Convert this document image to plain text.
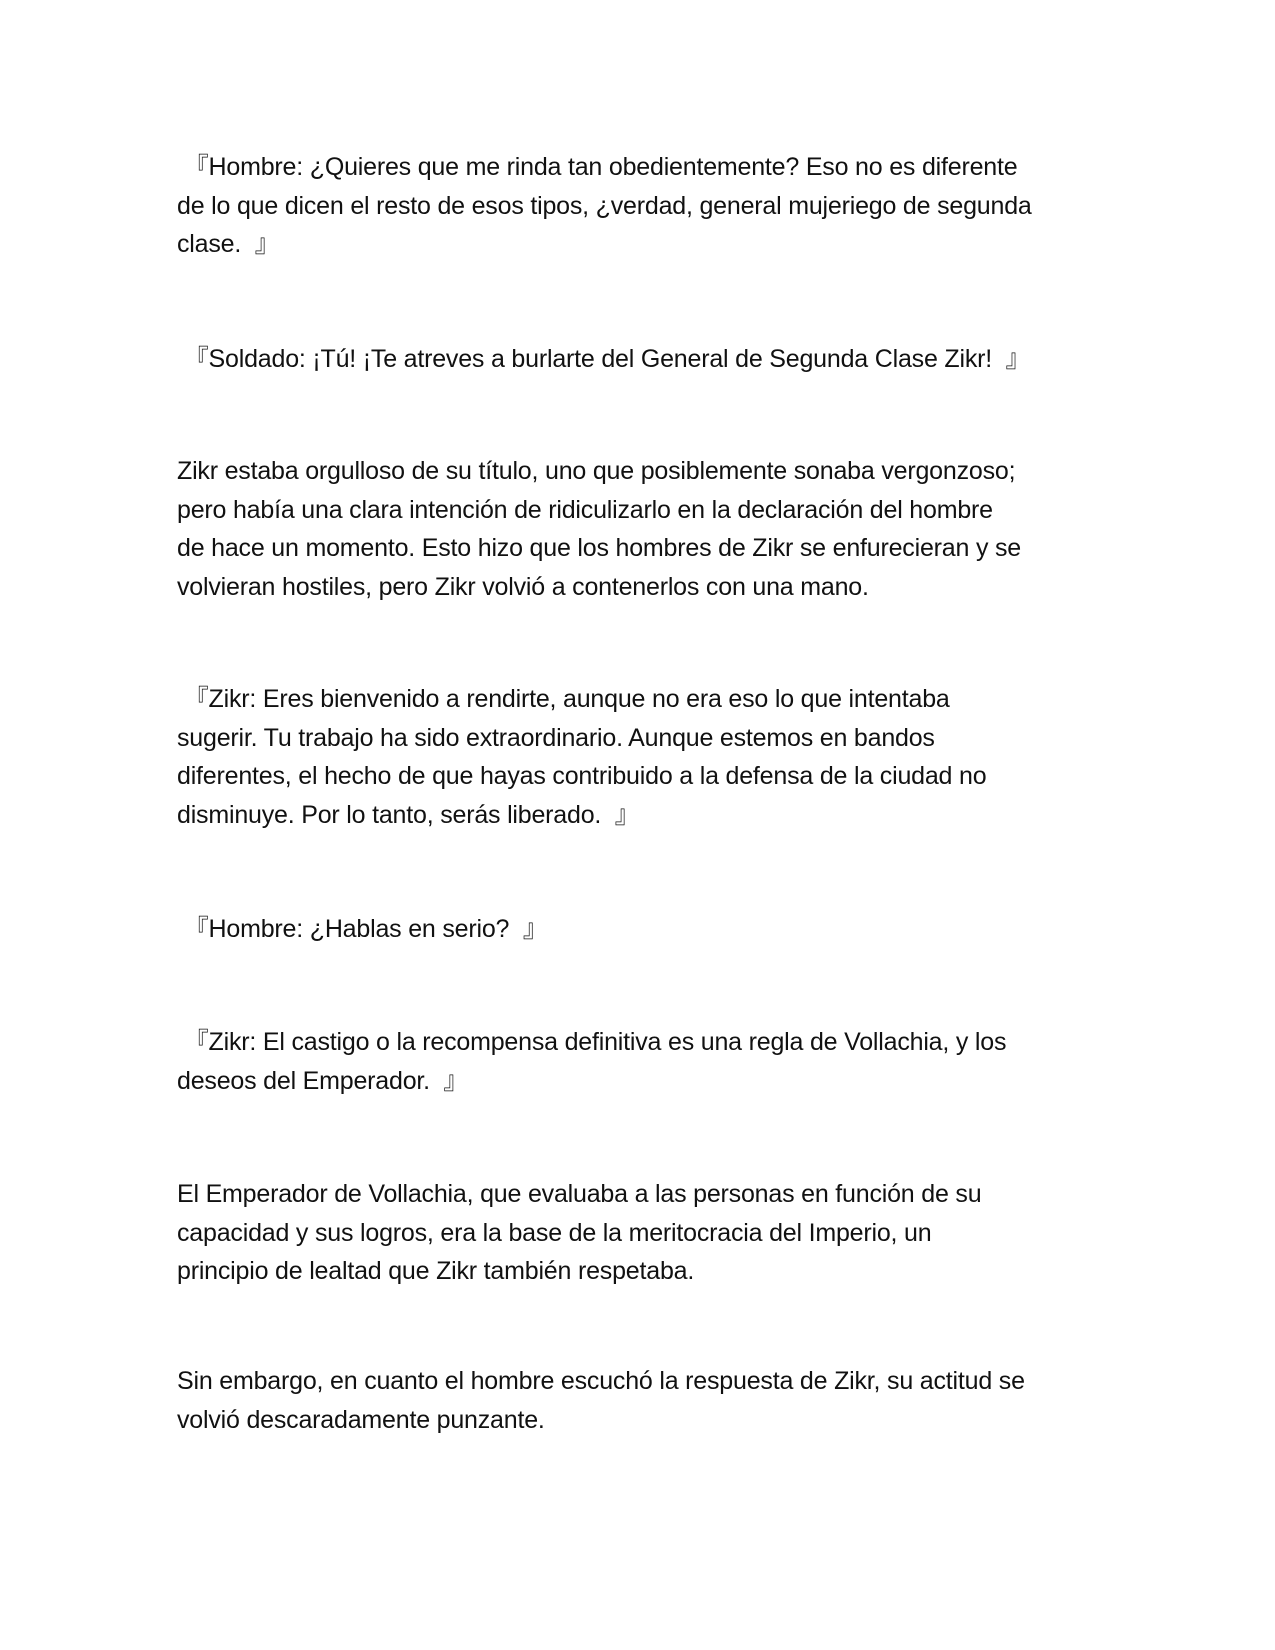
『Hombre: ¿Quieres que me rinda tan obedientemente? Eso no es diferente
de lo que dicen el resto de esos tipos, ¿verdad, general mujeriego de segunda
clase.  』

『Soldado: ¡Tú! ¡Te atreves a burlarte del General de Segunda Clase Zikr!  』

Zikr estaba orgulloso de su título, uno que posiblemente sonaba vergonzoso;
pero había una clara intención de ridiculizarlo en la declaración del hombre
de hace un momento. Esto hizo que los hombres de Zikr se enfurecieran y se
volvieran hostiles, pero Zikr volvió a contenerlos con una mano.

『Zikr: Eres bienvenido a rendirte, aunque no era eso lo que intentaba
sugerir. Tu trabajo ha sido extraordinario. Aunque estemos en bandos
diferentes, el hecho de que hayas contribuido a la defensa de la ciudad no
disminuye. Por lo tanto, serás liberado.  』

『Hombre: ¿Hablas en serio?  』

『Zikr: El castigo o la recompensa definitiva es una regla de Vollachia, y los
deseos del Emperador.  』

El Emperador de Vollachia, que evaluaba a las personas en función de su
capacidad y sus logros, era la base de la meritocracia del Imperio, un
principio de lealtad que Zikr también respetaba.

Sin embargo, en cuanto el hombre escuchó la respuesta de Zikr, su actitud se
volvió descaradamente punzante.
